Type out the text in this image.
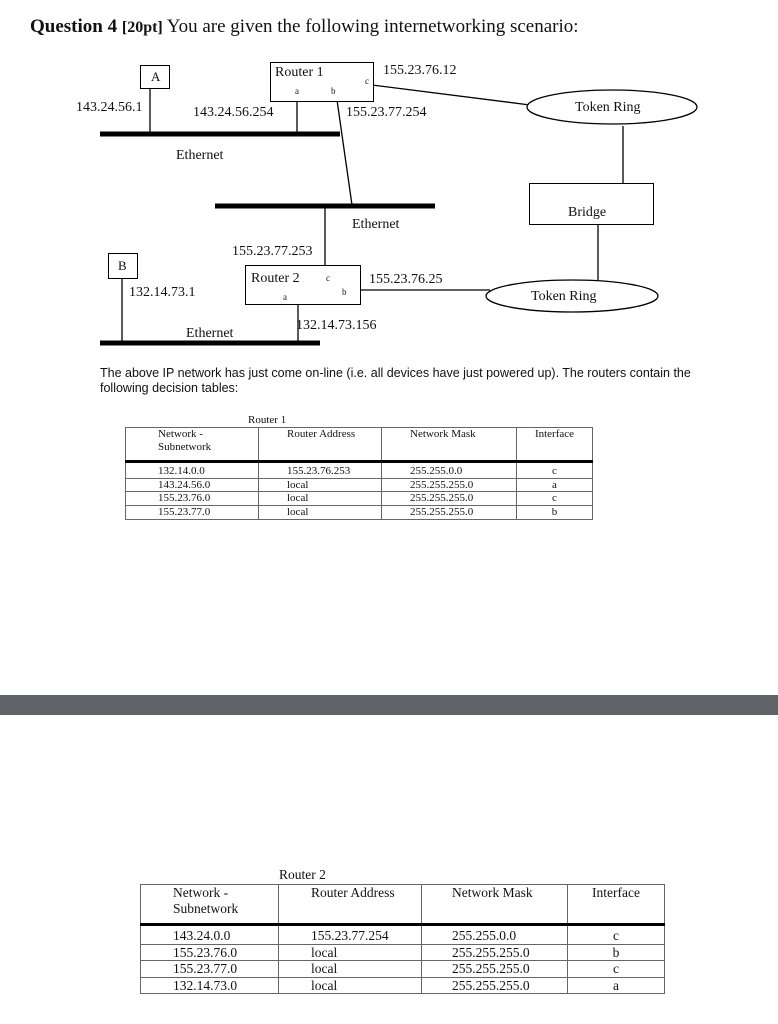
Question 4 [20pt] You are given the following internetworking scenario:
A	Router 1
a	b
c
Bridge
B
Router 2
a	b
c
143.24.56.1	143.24.56.254	155.23.77.254
155.23.76.12
Token Ring
Ethernet
Ethernet
155.23.77.253
155.23.76.25
Token Ring
132.14.73.1
132.14.73.156
Ethernet
The above IP network has just come on-line (i.e. all devices have just powered up). The routers contain the following decision tables:
Router 1
Network - Subnetwork	Router Address	Network Mask	Interface
132.14.0.0	155.23.76.253	255.255.0.0	c
143.24.56.0	local	255.255.255.0	a
155.23.76.0	local	255.255.255.0	c
155.23.77.0	local	255.255.255.0	b
Router 2
Network - Subnetwork	Router Address	Network Mask	Interface
143.24.0.0	155.23.77.254	255.255.0.0	c
155.23.76.0	local	255.255.255.0	b
155.23.77.0	local	255.255.255.0	c
132.14.73.0	local	255.255.255.0	a
